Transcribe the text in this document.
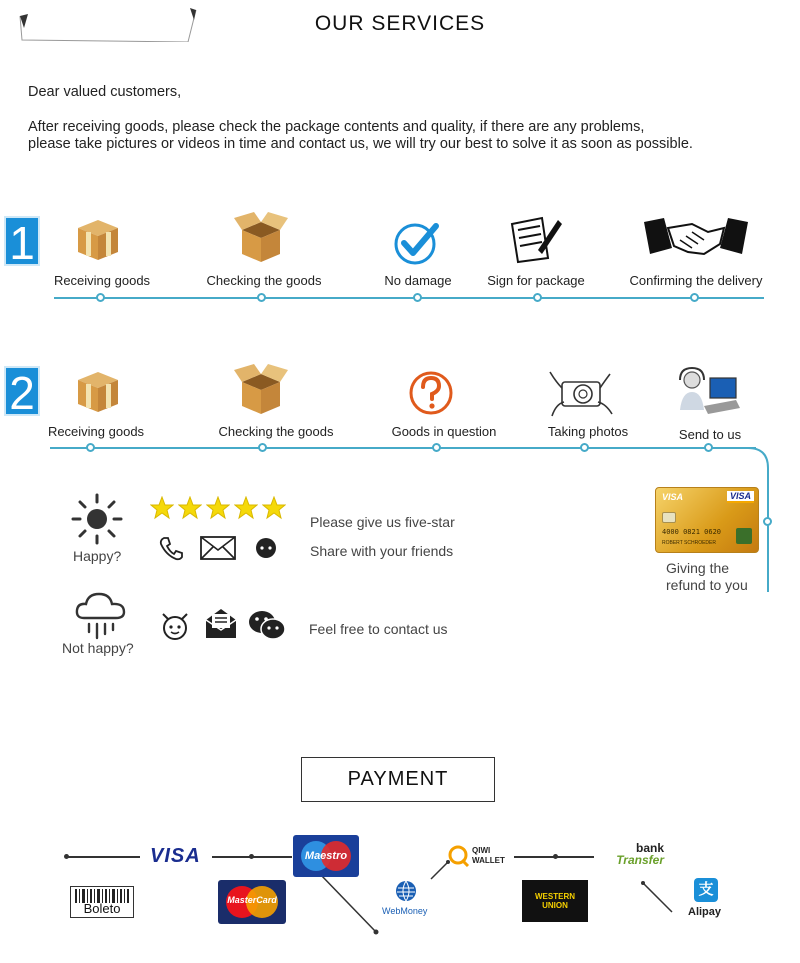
OUR SERVICES
Dear valued customers,
After receiving goods, please check the package contents and quality, if there are any problems,
please take pictures or videos in time and contact us, we will try our best to solve it as soon as possible.
1
Receiving goods	Checking the goods	No damage	Sign for package	Confirming the delivery
2
Receiving goods	Checking the goods	Goods in question	Taking photos	Send to us
VISA	VISA
4000 0821 0620
ROBERT SCHROEDER
Giving the
refund to you
Happy?
Please give us five-star
Share with your friends
Not happy?
Feel free to contact us
PAYMENT
VISA	Maestro
MasterCard
Boleto	WebMoney
QIWI
WALLET
WESTERN
UNION
bank
Transfer
支
Alipay
